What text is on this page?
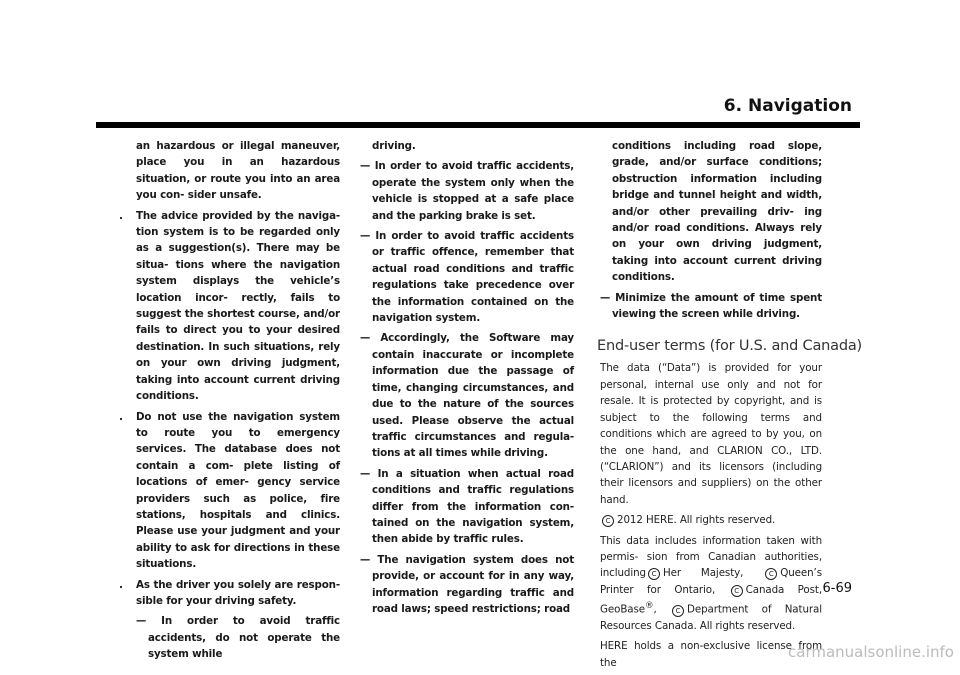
6. Navigation

an hazardous or illegal maneuver, place you in an hazardous situation, or route you into an area you con- sider unsafe.

. The advice provided by the naviga- tion system is to be regarded only as a suggestion(s). There may be situa- tions where the navigation system displays the vehicle’s location incor- rectly, fails to suggest the shortest course, and/or fails to direct you to your desired destination. In such situations, rely on your own driving judgment, taking into account current driving conditions.

. Do not use the navigation system to route you to emergency services. The database does not contain a com- plete listing of locations of emer- gency service providers such as police, fire stations, hospitals and clinics. Please use your judgment and your ability to ask for directions in these situations.

. As the driver you solely are respon- sible for your driving safety.

— In order to avoid traffic accidents, do not operate the system while

driving.

— In order to avoid traffic accidents, operate the system only when the vehicle is stopped at a safe place and the parking brake is set.

— In order to avoid traffic accidents or traffic offence, remember that actual road conditions and traffic regulations take precedence over the information contained on the navigation system.

— Accordingly, the Software may contain inaccurate or incomplete information due the passage of time, changing circumstances, and due to the nature of the sources used. Please observe the actual traffic circumstances and regula- tions at all times while driving.

— In a situation when actual road conditions and traffic regulations differ from the information con- tained on the navigation system, then abide by traffic rules.

— The navigation system does not provide, or account for in any way, information regarding traffic and road laws; speed restrictions; road

conditions including road slope, grade, and/or surface conditions; obstruction information including bridge and tunnel height and width, and/or other prevailing driv- ing and/or road conditions. Always rely on your own driving judgment, taking into account current driving conditions.

— Minimize the amount of time spent viewing the screen while driving.

End-user terms (for U.S. and Canada)

The data (“Data”) is provided for your personal, internal use only and not for resale. It is protected by copyright, and is subject to the following terms and conditions which are agreed to by you, on the one hand, and CLARION CO., LTD. (“CLARION”) and its licensors (including their licensors and suppliers) on the other hand.

C 2012 HERE. All rights reserved.

This data includes information taken with permis- sion from Canadian authorities, including C Her Majesty,	C Queen’s Printer for Ontario,	C Canada Post, GeoBase®,	C Department of Natural Resources Canada. All rights reserved.

HERE holds a non-exclusive license from the

6-69
carmanualsonline.info
